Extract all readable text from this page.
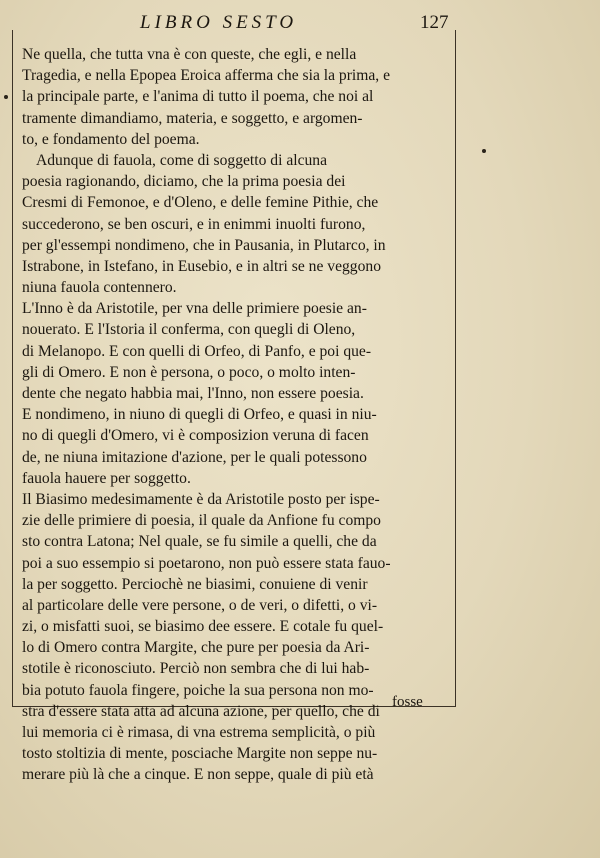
LIBRO SESTO	127
Ne quella, che tutta vna è con queste, che egli, e nella
Tragedia, e nella Epopea Eroica afferma che sia la prima, e
la principale parte, e l'anima di tutto il poema, che noi al
tramente dimandiamo, materia, e soggetto, e argomen-
to, e fondamento del poema.
Adunque di fauola, come di soggetto di alcuna
poesia ragionando, diciamo, che la prima poesia dei
Cresmi di Femonoe, e d'Oleno, e delle femine Pithie, che
succederono, se ben oscuri, e in enimmi inuolti furono,
per gl'essempi nondimeno, che in Pausania, in Plutarco, in
Istrabone, in Istefano, in Eusebio, e in altri se ne veggono
niuna fauola contennero.
L'Inno è da Aristotile, per vna delle primiere poesie an-
nouerato. E l'Istoria il conferma, con quegli di Oleno,
di Melanopo. E con quelli di Orfeo, di Panfo, e poi que-
gli di Omero. E non è persona, o poco, o molto inten-
dente che negato habbia mai, l'Inno, non essere poesia.
E nondimeno, in niuno di quegli di Orfeo, e quasi in niu-
no di quegli d'Omero, vi è composizion veruna di facen
de, ne niuna imitazione d'azione, per le quali potessono
fauola hauere per soggetto.
Il Biasimo medesimamente è da Aristotile posto per ispe-
zie delle primiere di poesia, il quale da Anfione fu compo
sto contra Latona; Nel quale, se fu simile a quelli, che da
poi a suo essempio si poetarono, non può essere stata fauo-
la per soggetto. Perciochè ne biasimi, conuiene di venir
al particolare delle vere persone, o de veri, o difetti, o vi-
zi, o misfatti suoi, se biasimo dee essere. E cotale fu quel-
lo di Omero contra Margite, che pure per poesia da Ari-
stotile è riconosciuto. Perciò non sembra che di lui hab-
bia potuto fauola fingere, poiche la sua persona non mo-
stra d'essere stata atta ad alcuna azione, per quello, che di
lui memoria ci è rimasa, di vna estrema semplicità, o più
tosto stoltizia di mente, posciache Margite non seppe nu-
merare più là che a cinque. E non seppe, quale di più età
fosse
